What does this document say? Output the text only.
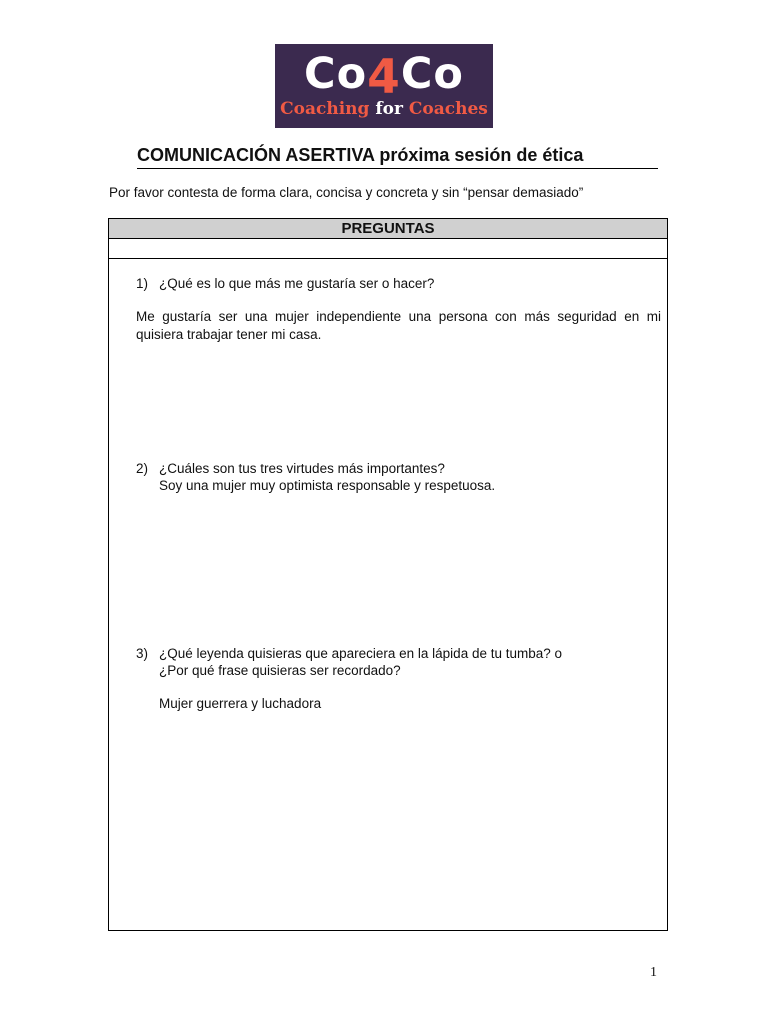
Co4Co
Coaching for Coaches
COMUNICACIÓN ASERTIVA próxima sesión de ética
Por favor contesta de forma clara, concisa y concreta y sin “pensar demasiado”
PREGUNTAS
1) ¿Qué es lo que más me gustaría ser o hacer?
Me gustaría ser una mujer independiente una persona con más seguridad en mi quisiera trabajar tener mi casa.
2) ¿Cuáles son tus tres virtudes más importantes?
Soy una mujer muy optimista responsable y respetuosa.
3) ¿Qué leyenda quisieras que apareciera en la lápida de tu tumba? o
¿Por qué frase quisieras ser recordado?
Mujer guerrera y luchadora
1
